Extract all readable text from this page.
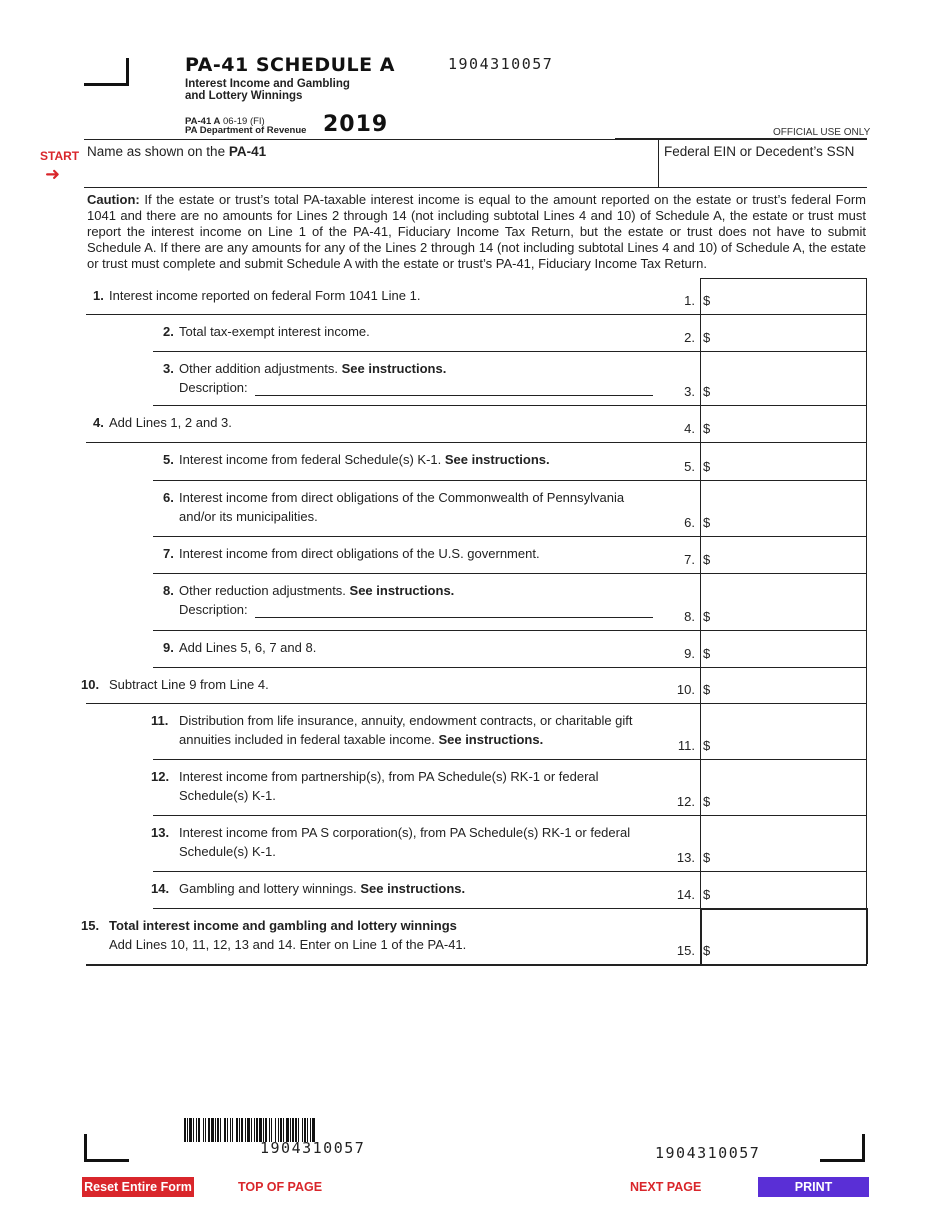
PA-41 SCHEDULE A
Interest Income and Gambling
and Lottery Winnings
PA-41 A 06-19 (FI)
PA Department of Revenue 2019
1904310057
OFFICIAL USE ONLY
START
➜
Name as shown on the PA-41	Federal EIN or Decedent’s SSN
Caution: If the estate or trust’s total PA-taxable interest income is equal to the amount reported on the estate or trust’s federal Form 1041 and there are no amounts for Lines 2 through 14 (not including subtotal Lines 4 and 10) of Schedule A, the estate or trust must report the interest income on Line 1 of the PA-41, Fiduciary Income Tax Return, but the estate or trust does not have to submit Schedule A. If there are any amounts for any of the Lines 2 through 14 (not including subtotal Lines 4 and 10) of Schedule A, the estate or trust must complete and submit Schedule A with the estate or trust’s PA-41, Fiduciary Income Tax Return.
1. Interest income reported on federal Form 1041 Line 1.	1. $
2. Total tax-exempt interest income.	2. $
3. Other addition adjustments. See instructions.
Description:	3. $
4. Add Lines 1, 2 and 3.	4. $
5. Interest income from federal Schedule(s) K-1. See instructions.	5. $
6. Interest income from direct obligations of the Commonwealth of Pennsylvania
and/or its municipalities.	6. $
7. Interest income from direct obligations of the U.S. government.	7. $
8. Other reduction adjustments. See instructions.
Description:	8. $
9. Add Lines 5, 6, 7 and 8.	9. $
10. Subtract Line 9 from Line 4.	10. $
11. Distribution from life insurance, annuity, endowment contracts, or charitable gift
annuities included in federal taxable income. See instructions.	11. $
12. Interest income from partnership(s), from PA Schedule(s) RK-1 or federal
Schedule(s) K-1.	12. $
13. Interest income from PA S corporation(s), from PA Schedule(s) RK-1 or federal
Schedule(s) K-1.	13. $
14. Gambling and lottery winnings. See instructions.	14. $
15. Total interest income and gambling and lottery winnings
Add Lines 10, 11, 12, 13 and 14. Enter on Line 1 of the PA-41.	15. $
1904310057	1904310057
Reset Entire Form	TOP OF PAGE	NEXT PAGE	PRINT
